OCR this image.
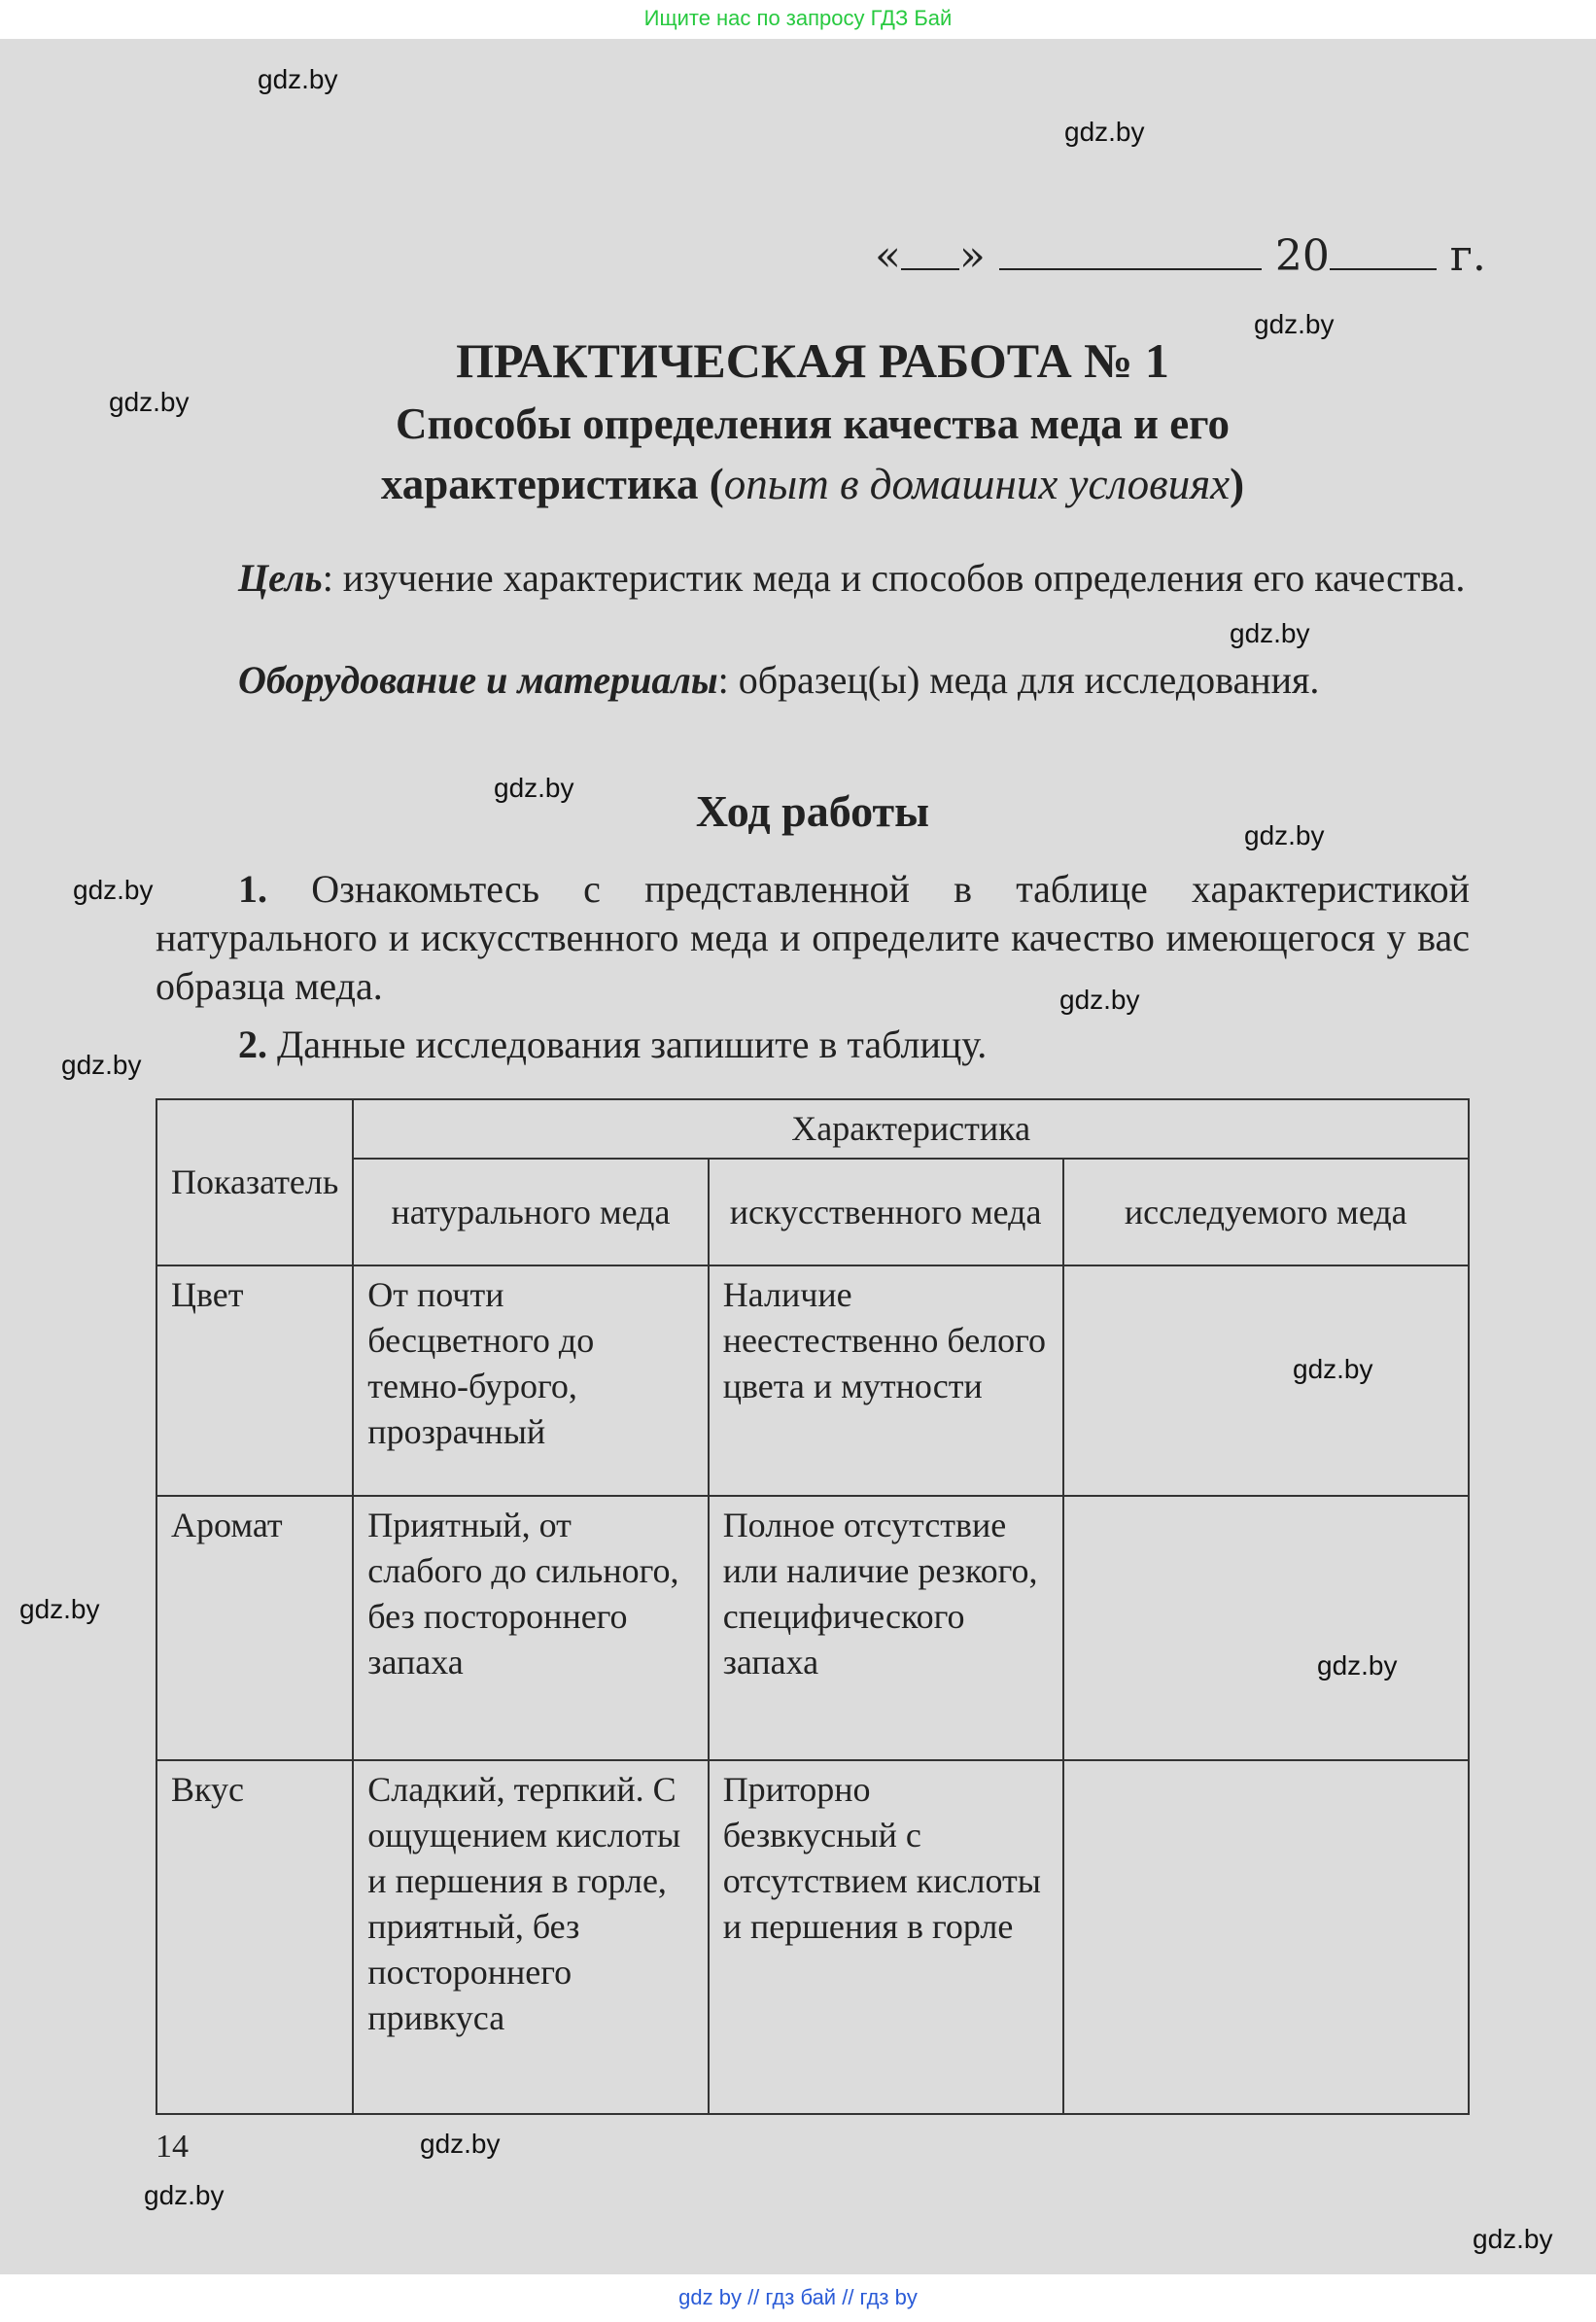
Ищите нас по запросу ГДЗ Бай
gdz.by
gdz.by
gdz.by
gdz.by
gdz.by
gdz.by
gdz.by
gdz.by
gdz.by
gdz.by
gdz.by
gdz.by
gdz.by
gdz.by
gdz.by
gdz.by
« »	20	г.
ПРАКТИЧЕСКАЯ РАБОТА № 1
Способы определения качества меда и его
характеристика (опыт в домашних условиях)
Цель: изучение характеристик меда и способов определения его качества.
Оборудование и материалы: образец(ы) меда для исследования.
Ход работы
1. Ознакомьтесь с представленной в таблице характеристикой натурального и искусственного меда и определите качество имеющегося у вас образца меда.
2. Данные исследования запишите в таблицу.
Показатель	Характеристика		
	натурального меда	искусственного меда	исследуемого меда
Цвет	От почти бесцветного до темно-бурого, прозрачный	Наличие неестественно белого цвета и мутности	
Аромат	Приятный, от слабого до сильного, без постороннего запаха	Полное отсутствие или наличие резкого, специфического запаха	
Вкус	Сладкий, терпкий. С ощущением кислоты и першения в горле, приятный, без постороннего привкуса	Приторно безвкусный с отсутствием кислоты и першения в горле	
14
gdz by // гдз бай // гдз by
